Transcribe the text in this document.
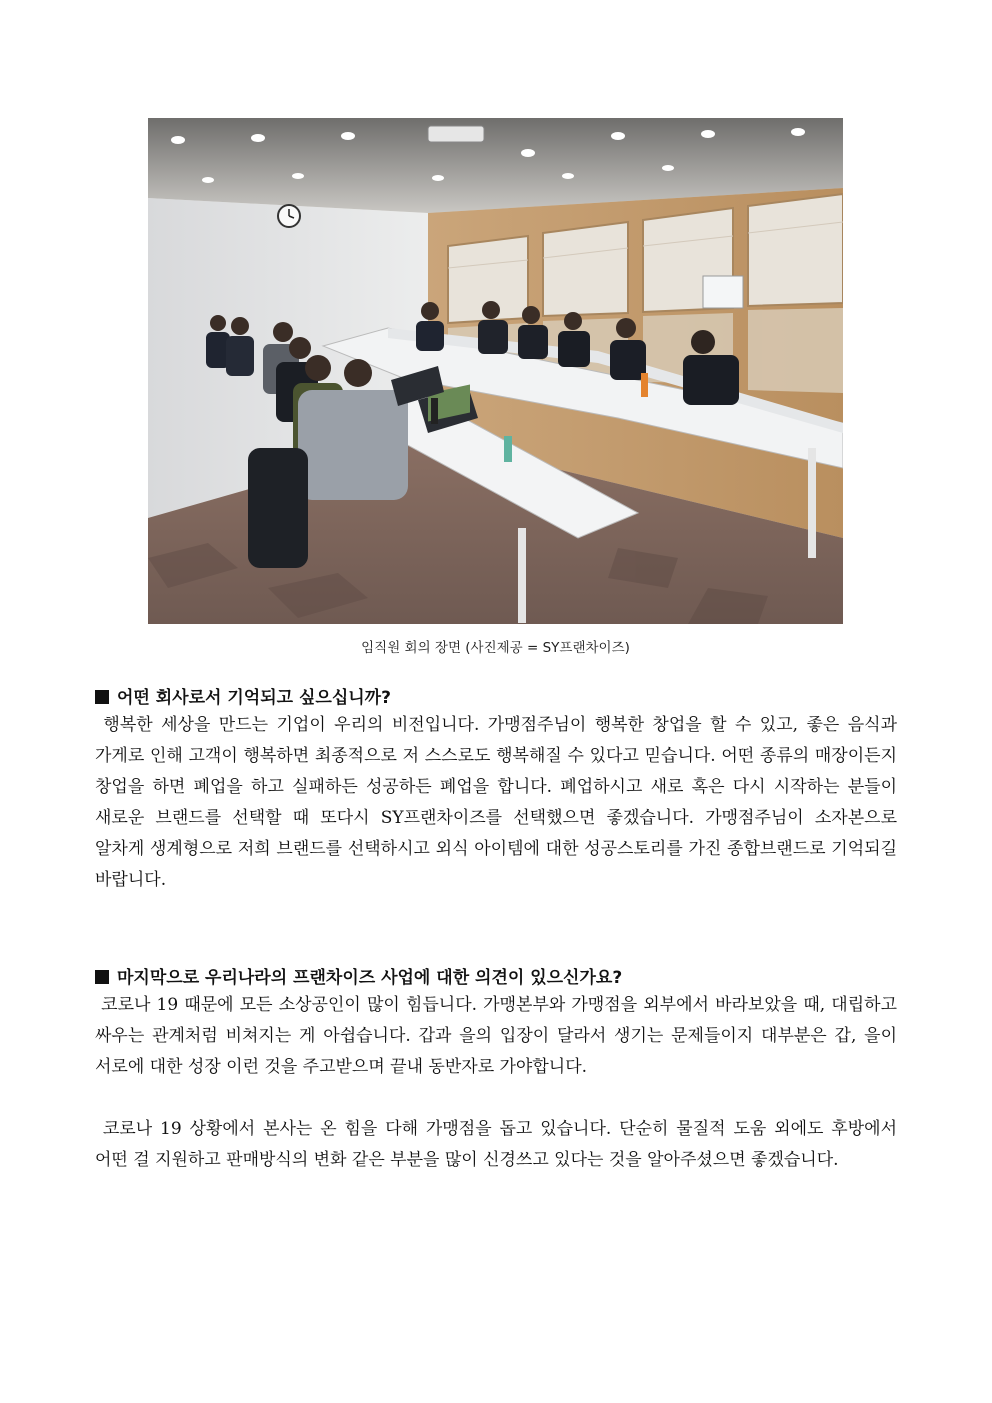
임직원 회의 장면 (사진제공 = SY프랜차이즈)
어떤 회사로서 기억되고 싶으십니까?

행복한 세상을 만드는 기업이 우리의 비전입니다. 가맹점주님이 행복한 창업을 할 수 있고, 좋은 음식과 가게로 인해 고객이 행복하면 최종적으로 저 스스로도 행복해질 수 있다고 믿습니다. 어떤 종류의 매장이든지 창업을 하면 폐업을 하고 실패하든 성공하든 폐업을 합니다. 폐업하시고 새로 혹은 다시 시작하는 분들이 새로운 브랜드를 선택할 때 또다시 SY프랜차이즈를 선택했으면 좋겠습니다. 가맹점주님이 소자본으로 알차게 생계형으로 저희 브랜드를 선택하시고 외식 아이템에 대한 성공스토리를 가진 종합브랜드로 기억되길 바랍니다.

마지막으로 우리나라의 프랜차이즈 사업에 대한 의견이 있으신가요?

코로나 19 때문에 모든 소상공인이 많이 힘듭니다. 가맹본부와 가맹점을 외부에서 바라보았을 때, 대립하고 싸우는 관계처럼 비쳐지는 게 아쉽습니다. 갑과 을의 입장이 달라서 생기는 문제들이지 대부분은 갑, 을이 서로에 대한 성장 이런 것을 주고받으며 끝내 동반자로 가야합니다.

코로나 19 상황에서 본사는 온 힘을 다해 가맹점을 돕고 있습니다. 단순히 물질적 도움 외에도 후방에서 어떤 걸 지원하고 판매방식의 변화 같은 부분을 많이 신경쓰고 있다는 것을 알아주셨으면 좋겠습니다.
